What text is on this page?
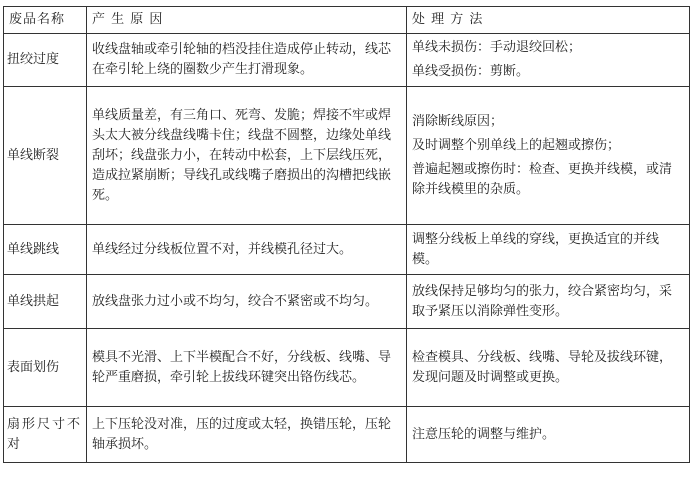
废品名称	产 生 原 因	处 理 方 法
扭绞过度	收线盘轴或牵引轮轴的档没挂住造成停止转动，线芯在牵引轮上绕的圈数少产生打滑现象。	单线未损伤：手动退绞回松；

单线受损伤：剪断。

单线断裂	单线质量差，有三角口、死弯、发脆；焊接不牢或焊头太大被分线盘线嘴卡住；线盘不圆整，边缘处单线刮坏；线盘张力小，在转动中松套，上下层线压死，造成拉紧崩断；导线孔或线嘴子磨损出的沟槽把线嵌死。	消除断线原因；

及时调整个别单线上的起翘或擦伤；

普遍起翘或擦伤时：检查、更换并线模，或清除并线模里的杂质。

单线跳线	单线经过分线板位置不对，并线模孔径过大。	调整分线板上单线的穿线，更换适宜的并线模。

单线拱起	放线盘张力过小或不均匀，绞合不紧密或不均匀。	放线保持足够均匀的张力，绞合紧密均匀，采取予紧压以消除弹性变形。

表面划伤	模具不光滑、上下半模配合不好，分线板、线嘴、导轮严重磨损，牵引轮上拔线环键突出铬伤线芯。	检查模具、分线板、线嘴、导轮及拔线环键，发现问题及时调整或更换。

扇形尺寸不对	上下压轮没对准，压的过度或太轻，换错压轮，压轮轴承损坏。	注意压轮的调整与维护。
